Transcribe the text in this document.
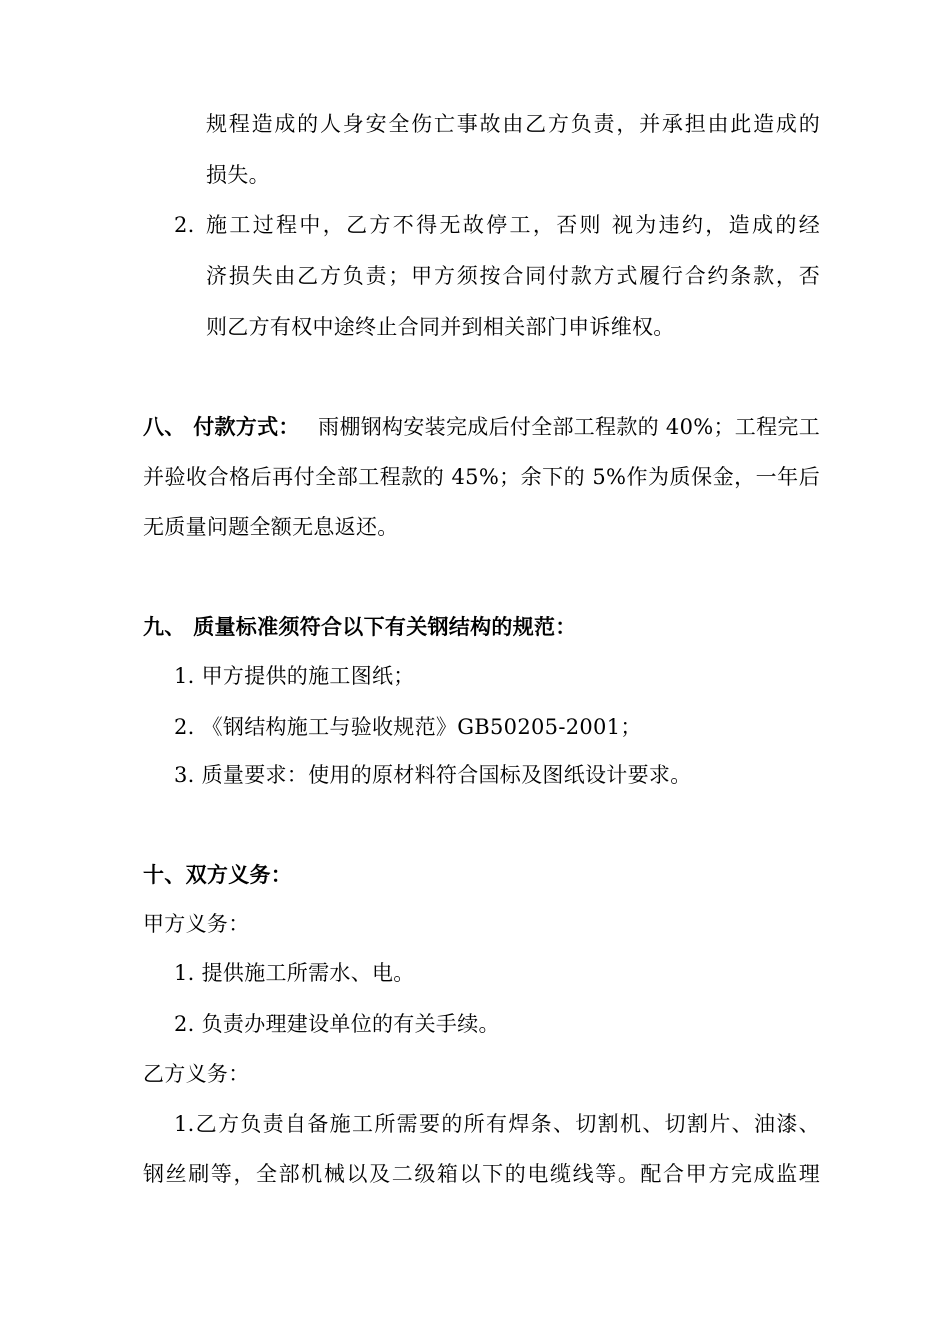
规程造成的人身安全伤亡事故由乙方负责，并承担由此造成的
损失。
2. 施工过程中，乙方不得无故停工，否则 视为违约，造成的经
济损失由乙方负责；甲方须按合同付款方式履行合约条款，否
则乙方有权中途终止合同并到相关部门申诉维权。
八、 付款方式： 雨棚钢构安装完成后付全部工程款的 40%；工程完工
并验收合格后再付全部工程款的 45%；余下的 5%作为质保金，一年后
无质量问题全额无息返还。
九、 质量标准须符合以下有关钢结构的规范：
1. 甲方提供的施工图纸；
2. 《钢结构施工与验收规范》GB50205-2001；
3. 质量要求：使用的原材料符合国标及图纸设计要求。
十、双方义务：
甲方义务：
1. 提供施工所需水、电。
2. 负责办理建设单位的有关手续。
乙方义务：
1.乙方负责自备施工所需要的所有焊条、切割机、切割片、油漆、
钢丝刷等，全部机械以及二级箱以下的电缆线等。配合甲方完成监理
